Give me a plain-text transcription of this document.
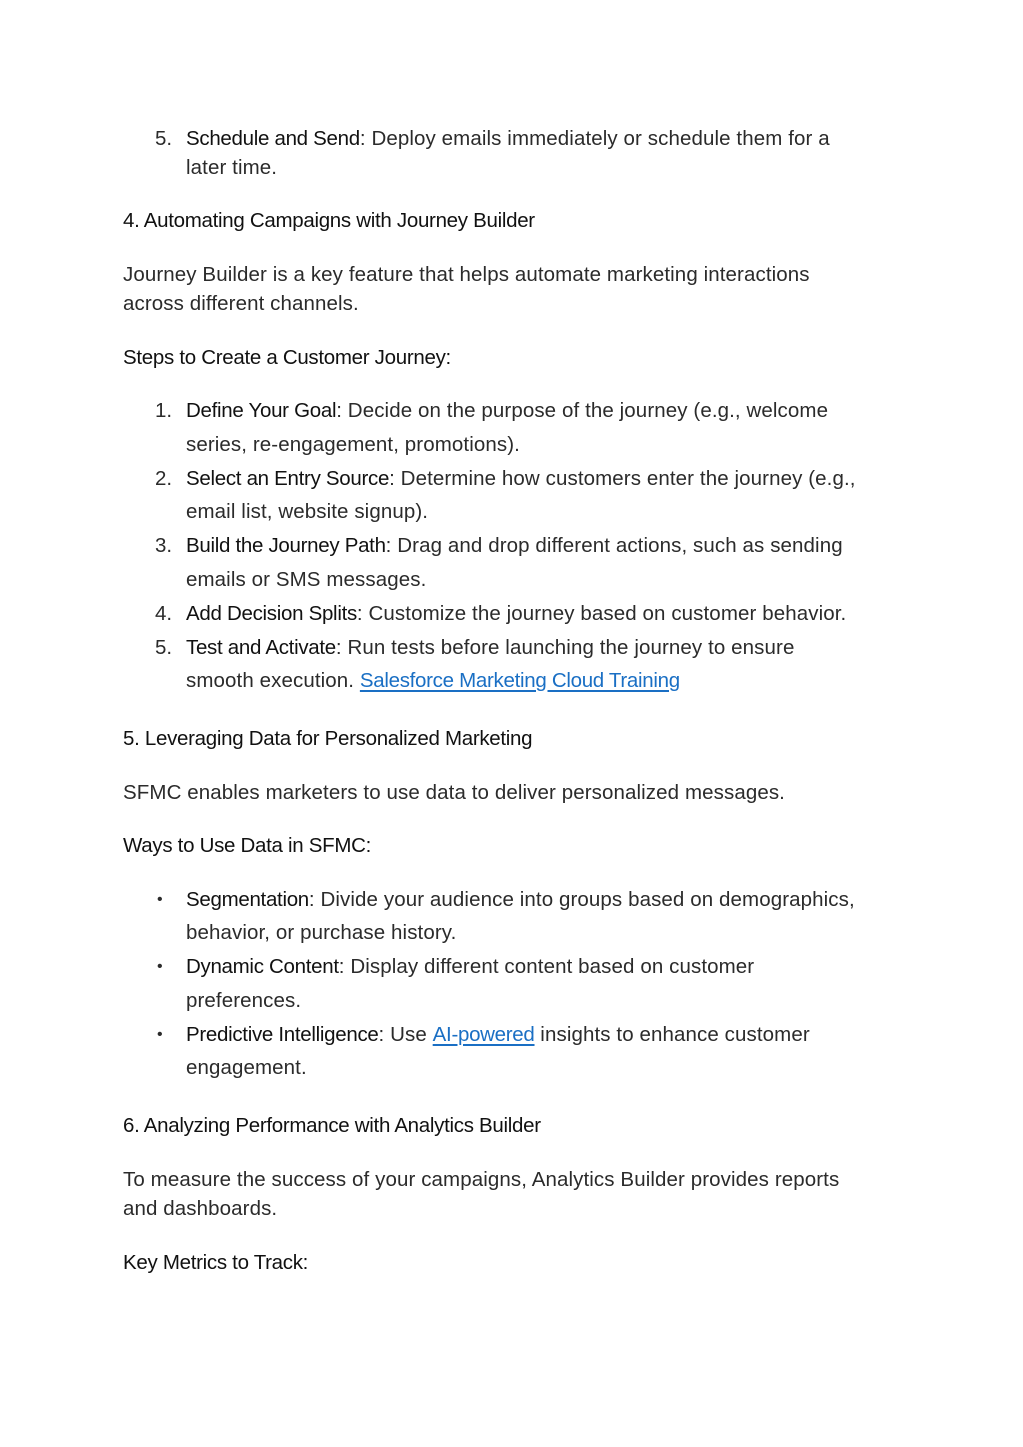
5. Schedule and Send: Deploy emails immediately or schedule them for a

later time.

4. Automating Campaigns with Journey Builder

Journey Builder is a key feature that helps automate marketing interactions

across different channels.

Steps to Create a Customer Journey:
1. Define Your Goal: Decide on the purpose of the journey (e.g., welcome

series, re-engagement, promotions).

2. Select an Entry Source: Determine how customers enter the journey (e.g.,

email list, website signup).

3. Build the Journey Path: Drag and drop different actions, such as sending

emails or SMS messages.

4. Add Decision Splits: Customize the journey based on customer behavior.

5. Test and Activate: Run tests before launching the journey to ensure

smooth execution. Salesforce Marketing Cloud Training

5. Leveraging Data for Personalized Marketing

SFMC enables marketers to use data to deliver personalized messages.

Ways to Use Data in SFMC:
• Segmentation: Divide your audience into groups based on demographics,

behavior, or purchase history.

• Dynamic Content: Display different content based on customer

preferences.

• Predictive Intelligence: Use AI-powered insights to enhance customer

engagement.

6. Analyzing Performance with Analytics Builder

To measure the success of your campaigns, Analytics Builder provides reports

and dashboards.

Key Metrics to Track:
